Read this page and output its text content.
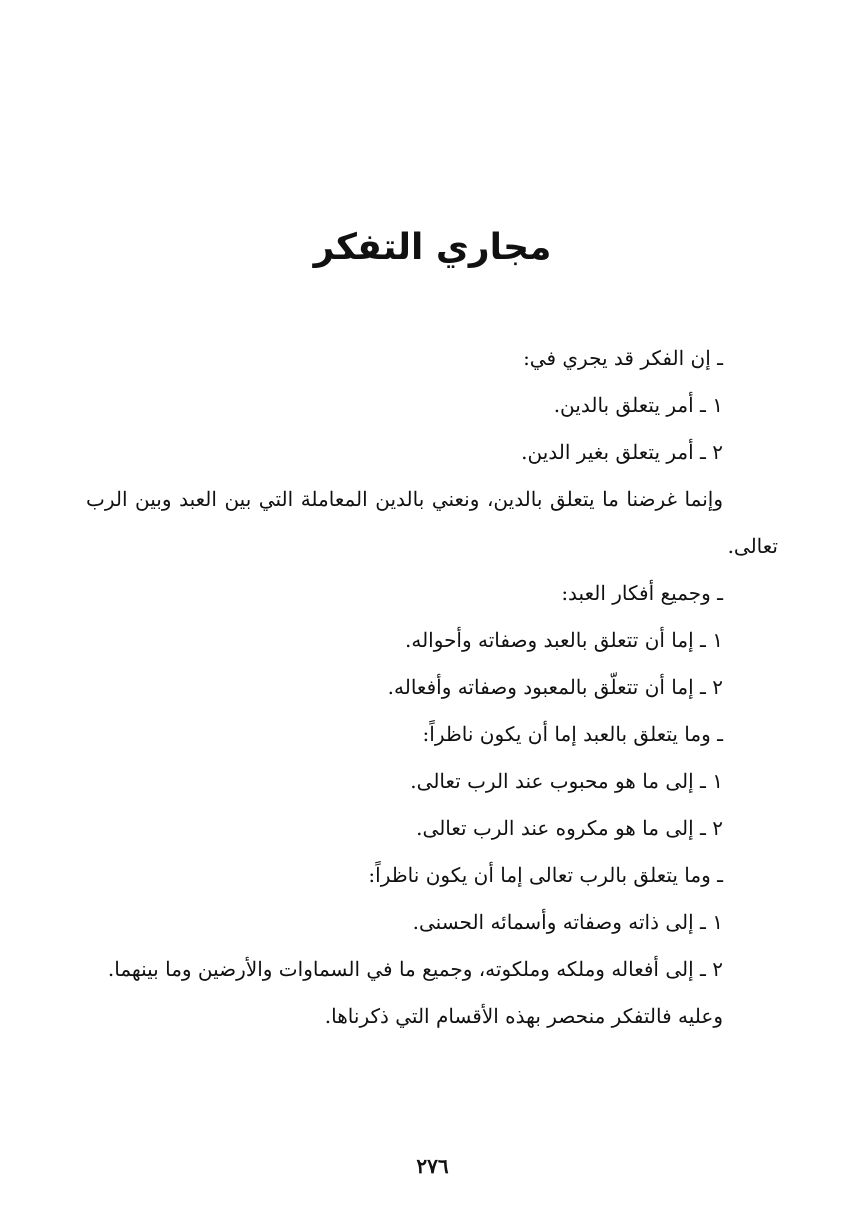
مجاري التفكر

ـ إن الفكر قد يجري في:

١ ـ أمر يتعلق بالدين.

٢ ـ أمر يتعلق بغير الدين.

وإنما غرضنا ما يتعلق بالدين، ونعني بالدين المعاملة التي بين العبد وبين الرب تعالى.

ـ وجميع أفكار العبد:

١ ـ إما أن تتعلق بالعبد وصفاته وأحواله.

٢ ـ إما أن تتعلّق بالمعبود وصفاته وأفعاله.

ـ وما يتعلق بالعبد إما أن يكون ناظراً:

١ ـ إلى ما هو محبوب عند الرب تعالى.

٢ ـ إلى ما هو مكروه عند الرب تعالى.

ـ وما يتعلق بالرب تعالى إما أن يكون ناظراً:

١ ـ إلى ذاته وصفاته وأسمائه الحسنى.

٢ ـ إلى أفعاله وملكه وملكوته، وجميع ما في السماوات والأرضين وما بينهما.

وعليه فالتفكر منحصر بهذه الأقسام التي ذكرناها.

٢٧٦
